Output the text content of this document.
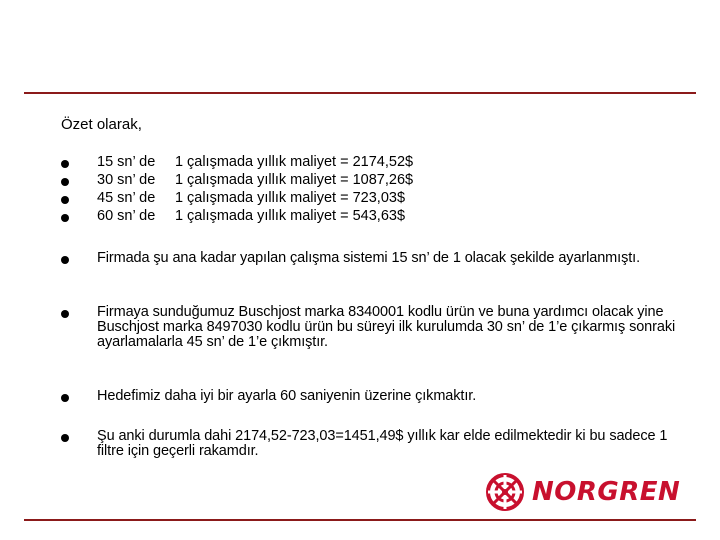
Özet olarak,
15 sn’ de 1 çalışmada yıllık maliyet = 2174,52$
30 sn’ de 1 çalışmada yıllık maliyet = 1087,26$
45 sn’ de 1 çalışmada yıllık maliyet = 723,03$
60 sn’ de 1 çalışmada yıllık maliyet = 543,63$
Firmada şu ana kadar yapılan çalışma sistemi 15 sn’ de 1 olacak şekilde ayarlanmıştı.
Firmaya sunduğumuz Buschjost marka 8340001 kodlu ürün ve buna yardımcı olacak yine Buschjost marka 8497030 kodlu ürün bu süreyi ilk kurulumda 30 sn’ de 1’e çıkarmış sonraki ayarlamalarla 45 sn’ de 1’e çıkmıştır.
Hedefimiz daha iyi bir ayarla 60 saniyenin üzerine çıkmaktır.
Şu anki durumla dahi 2174,52-723,03=1451,49$ yıllık kar elde edilmektedir ki bu sadece 1 filtre için geçerli rakamdır.
NORGREN
